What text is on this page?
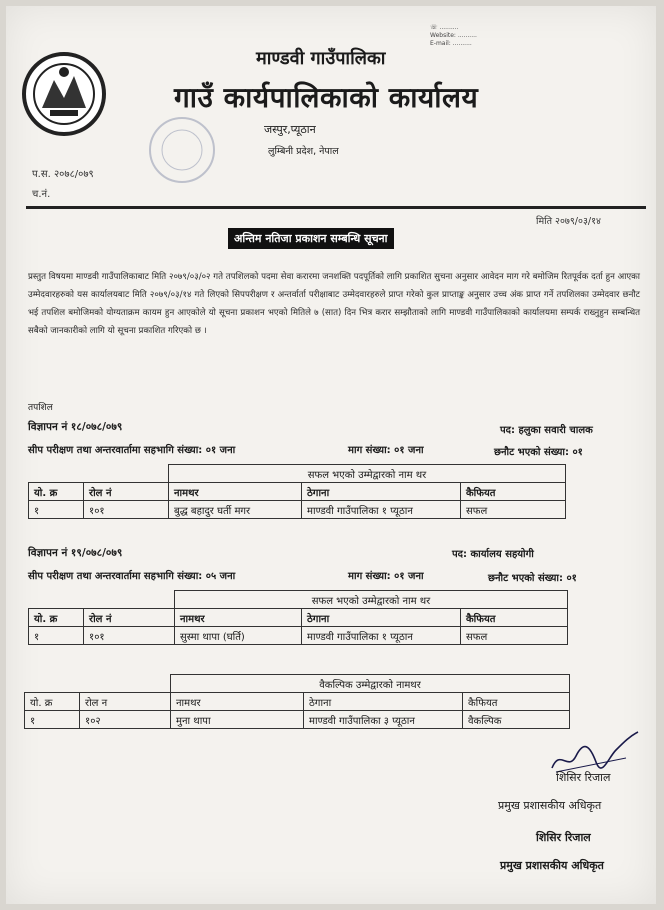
☏ ..........
Website: ..........
E-mail: ..........
माण्डवी गाउँपालिका
गाउँ कार्यपालिकाको कार्यालय
जस्पुर,प्यूठान
लुम्बिनी प्रदेश, नेपाल
प.स. २०७८/०७९
च.नं.
मिति २०७९/०३/१४
अन्तिम नतिजा प्रकाशन सम्बन्धि सूचना
प्रस्तुत विषयमा माण्डवी गाउँपालिकाबाट मिति २०७९/०३/०२ गते तपशिलको पदमा सेवा करारमा जनशक्ति पदपूर्तिको लागि प्रकाशित सुचना अनुसार आवेदन माग गरे बमोजिम रितपूर्वक दर्ता हुन आएका उम्मेदवारहरुको यस कार्यालयबाट मिति २०७९/०३/१४ गते लिएको सिपपरीक्षण र अन्तर्वार्ता परीक्षाबाट उम्मेदवारहरुले प्राप्त गरेको कुल प्राप्ताङ्क अनुसार उच्च अंक प्राप्त गर्ने तपशिलका उम्मेदवार छनौट भई तपशिल बमोजिमको योग्यताक्रम कायम हुन आएकोले यो सूचना प्रकाशन भएको मितिले ७ (सात) दिन भित्र करार सम्झौताको लागि माण्डवी गाउँपालिकाको कार्यालयमा सम्पर्क राख्नुहुन सम्बन्धित सबैको जानकारीको लागि यो सूचना प्रकाशित गरिएको छ ।
तपशिल
विज्ञापन नं १८/०७८/०७९	पद: हलुका सवारी चालक
सीप परीक्षण तथा अन्तरवार्तामा सहभागि संख्या: ०१ जना	माग संख्या: ०१ जना	छनौट भएको संख्या: ०१
		सफल भएको उम्मेद्वारको नाम थर		
यो. क्र	रोल नं	नामथर	ठेगाना	कैफियत
१	१०१	बुद्ध बहादुर घर्ती मगर	माण्डवी गाउँपालिका १ प्यूठान	सफल
विज्ञापन नं १९/०७८/०७९	पद: कार्यालय सहयोगी
सीप परीक्षण तथा अन्तरवार्तामा सहभागि संख्या: ०५ जना	माग संख्या: ०१ जना	छनौट भएको संख्या: ०१
		सफल भएको उम्मेद्वारको नाम थर		
यो. क्र	रोल नं	नामथर	ठेगाना	कैफियत
१	१०१	सुस्मा थापा (घर्ति)	माण्डवी गाउँपालिका १ प्यूठान	सफल
		वैकल्पिक उम्मेद्वारको नामथर		
यो. क्र	रोल न	नामथर	ठेगाना	कैफियत
१	१०२	मुना थापा	माण्डवी गाउँपालिका ३ प्यूठान	वैकल्पिक
शिसिर रिजाल
प्रमुख प्रशासकीय अधिकृत
शिसिर रिजाल
प्रमुख प्रशासकीय अधिकृत
